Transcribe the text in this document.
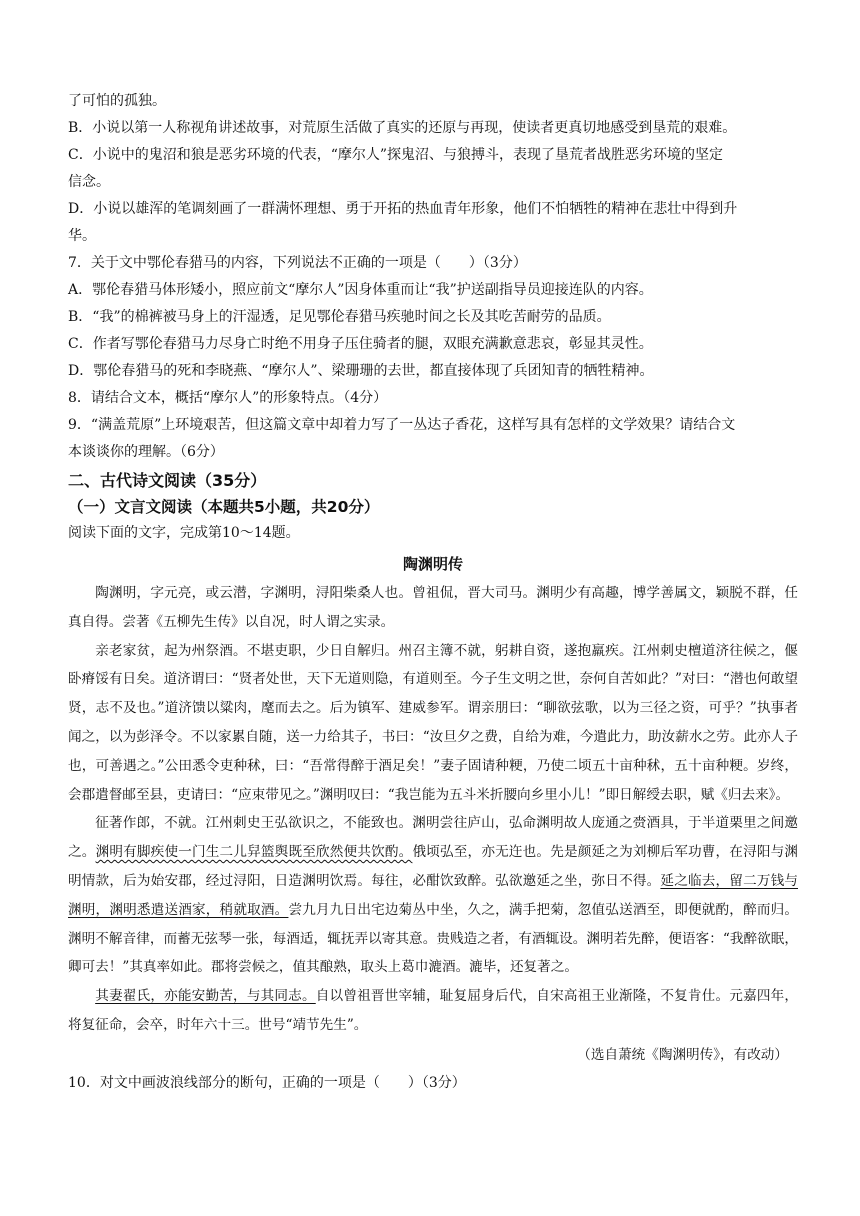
了可怕的孤独。

B．小说以第一人称视角讲述故事，对荒原生活做了真实的还原与再现，使读者更真切地感受到垦荒的艰难。

C．小说中的鬼沼和狼是恶劣环境的代表，“摩尔人”探鬼沼、与狼搏斗，表现了垦荒者战胜恶劣环境的坚定

信念。

D．小说以雄浑的笔调刻画了一群满怀理想、勇于开拓的热血青年形象，他们不怕牺牲的精神在悲壮中得到升

华。

7．关于文中鄂伦春猎马的内容，下列说法不正确的一项是（　　）（3分）

A．鄂伦春猎马体形矮小，照应前文“摩尔人”因身体重而让“我”护送副指导员迎接连队的内容。

B．“我”的棉裤被马身上的汗湿透，足见鄂伦春猎马疾驰时间之长及其吃苦耐劳的品质。

C．作者写鄂伦春猎马力尽身亡时绝不用身子压住骑者的腿，双眼充满歉意悲哀，彰显其灵性。

D．鄂伦春猎马的死和李晓燕、“摩尔人”、梁珊珊的去世，都直接体现了兵团知青的牺牲精神。

8．请结合文本，概括“摩尔人”的形象特点。（4分）

9．“满盖荒原”上环境艰苦，但这篇文章中却着力写了一丛达子香花，这样写具有怎样的文学效果？请结合文

本谈谈你的理解。（6分）

二、古代诗文阅读（35分）
（一）文言文阅读（本题共5小题，共20分）

阅读下面的文字，完成第10～14题。

陶渊明传

陶渊明，字元亮，或云潜，字渊明，浔阳柴桑人也。曾祖侃，晋大司马。渊明少有高趣，博学善属文，颖脱不群，任真自得。尝著《五柳先生传》以自况，时人谓之实录。

亲老家贫，起为州祭酒。不堪吏职，少日自解归。州召主簿不就，躬耕自资，遂抱羸疾。江州刺史檀道济往候之，偃卧瘠馁有日矣。道济谓曰：“贤者处世，天下无道则隐，有道则至。今子生文明之世，奈何自苦如此？”对曰：“潜也何敢望贤，志不及也。”道济馈以粱肉，麾而去之。后为镇军、建威参军。谓亲朋曰：“聊欲弦歌，以为三径之资，可乎？”执事者闻之，以为彭泽令。不以家累自随，送一力给其子，书曰：“汝旦夕之费，自给为难，今遣此力，助汝薪水之劳。此亦人子也，可善遇之。”公田悉令吏种秫，曰：“吾常得醉于酒足矣！”妻子固请种粳，乃使二顷五十亩种秫，五十亩种粳。岁终，会郡遣督邮至县，吏请曰：“应束带见之。”渊明叹曰：“我岂能为五斗米折腰向乡里小儿！”即日解绶去职，赋《归去来》。

征著作郎，不就。江州刺史王弘欲识之，不能致也。渊明尝往庐山，弘命渊明故人庞通之赍酒具，于半道栗里之间邀之。渊明有脚疾使一门生二儿舁篮舆既至欣然便共饮酌。俄顷弘至，亦无迕也。先是颜延之为刘柳后军功曹，在浔阳与渊明情款，后为始安郡，经过浔阳，日造渊明饮焉。每往，必酣饮致醉。弘欲邀延之坐，弥日不得。延之临去，留二万钱与渊明，渊明悉遣送酒家，稍就取酒。尝九月九日出宅边菊丛中坐，久之，满手把菊，忽值弘送酒至，即便就酌，醉而归。渊明不解音律，而蓄无弦琴一张，每酒适，辄抚弄以寄其意。贵贱造之者，有酒辄设。渊明若先醉，便语客：“我醉欲眠，卿可去！”其真率如此。郡将尝候之，值其酿熟，取头上葛巾漉酒。漉毕，还复著之。

其妻翟氏，亦能安勤苦，与其同志。自以曾祖晋世宰辅，耻复屈身后代，自宋高祖王业渐隆，不复肯仕。元嘉四年，将复征命，会卒，时年六十三。世号“靖节先生”。

（选自萧统《陶渊明传》，有改动）

10．对文中画波浪线部分的断句，正确的一项是（　　）（3分）
